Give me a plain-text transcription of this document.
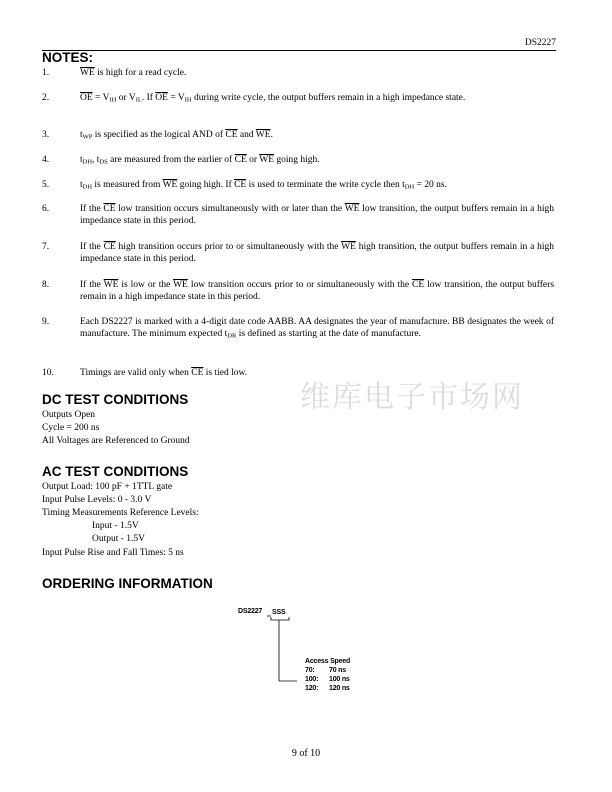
DS2227
NOTES:
1.	$\overline{WE}$ is high for a read cycle.
2.	$\overline{OE} = V_{IH}$ or $V_{IL}$. If $\overline{OE} = V_{IH}$ during write cycle, the output buffers remain in a high impedance state.
3.	$t_{WP}$ is specified as the logical AND of $\overline{CE}$ and $\overline{WE}$.
4.	$t_{DH}$, $t_{DS}$ are measured from the earlier of $\overline{CE}$ or $\overline{WE}$ going high.
5.	$t_{DH}$ is measured from $\overline{WE}$ going high. If $\overline{CE}$ is used to terminate the write cycle then $t_{DH} = 20$ ns.
6.	If the $\overline{CE}$ low transition occurs simultaneously with or later than the $\overline{WE}$ low transition, the output buffers remain in a high impedance state in this period.
7.	If the $\overline{CE}$ high transition occurs prior to or simultaneously with the $\overline{WE}$ high transition, the output buffers remain in a high impedance state in this period.
8.	If the $\overline{WE}$ is low or the $\overline{WE}$ low transition occurs prior to or simultaneously with the $\overline{CE}$ low transition, the output buffers remain in a high impedance state in this period.
9.	Each DS2227 is marked with a 4-digit date code AABB. AA designates the year of manufacture. BB designates the week of manufacture. The minimum expected $t_{DR}$ is defined as starting at the date of manufacture.
10.	Timings are valid only when $\overline{CE}$ is tied low.
维库电子市场网
DC TEST CONDITIONS
Outputs Open
Cycle = 200 ns
All Voltages are Referenced to Ground
AC TEST CONDITIONS
Output Load: 100 pF + 1TTL gate
Input Pulse Levels: 0 - 3.0 V
Timing Measurements Reference Levels:
Input - 1.5V
Output - 1.5V
Input Pulse Rise and Fall Times: 5 ns
ORDERING INFORMATION
DS2227 SSS
Access Speed
70: 70 ns
100: 100 ns
120: 120 ns
9 of 10
